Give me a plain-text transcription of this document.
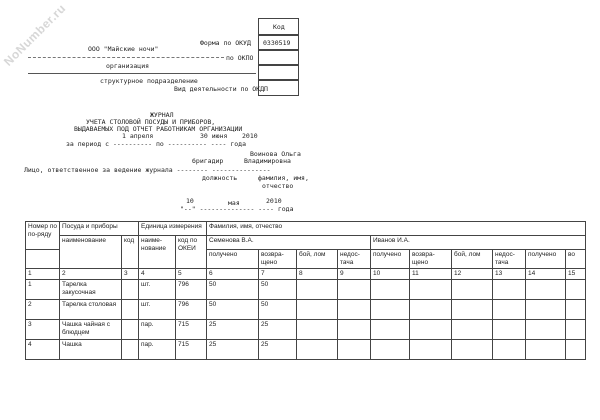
NoNumber.ru	Код
0330519
Форма по ОКУД
по ОКПО
Вид деятельности по ОКДП
ООО "Майские ночи"
организация
структурное подразделение
ЖУРНАЛ
УЧЕТА СТОЛОВОЙ ПОСУДЫ И ПРИБОРОВ,
ВЫДАВАЕМЫХ ПОД ОТЧЕТ РАБОТНИКАМ ОРГАНИЗАЦИИ
1 апреля	30 июня 2010
за период с ---------- по ---------- ---- года
Воинова Ольга
бригадир	Владимировна
Лицо, ответственное за ведение журнала -------- ---------------
должность	фамилия, имя,
отчество
10	мая	2010
"--" -------------- ---- года
Номер по по-ряду	Посуда и приборы		Единица измерения		Фамилия, имя, отчество									
	наименование	код	наиме-нование	код по ОКЕИ	Семенова В.А.				Иванов И.А.					
					получено	возвра-щено	бой, лом	недос-тача	получено	возвра-щено	бой, лом	недос-тача	получено	во
1	2	3	4	5	6	7	8	9	10	11	12	13	14	15
1	Тарелка закусочная		шт.	796	50	50								
2	Тарелка столовая		шт.	796	50	50								
3	Чашка чайная с блюдцем		пар.	715	25	25								
4	Чашка		пар.	715	25	25								
